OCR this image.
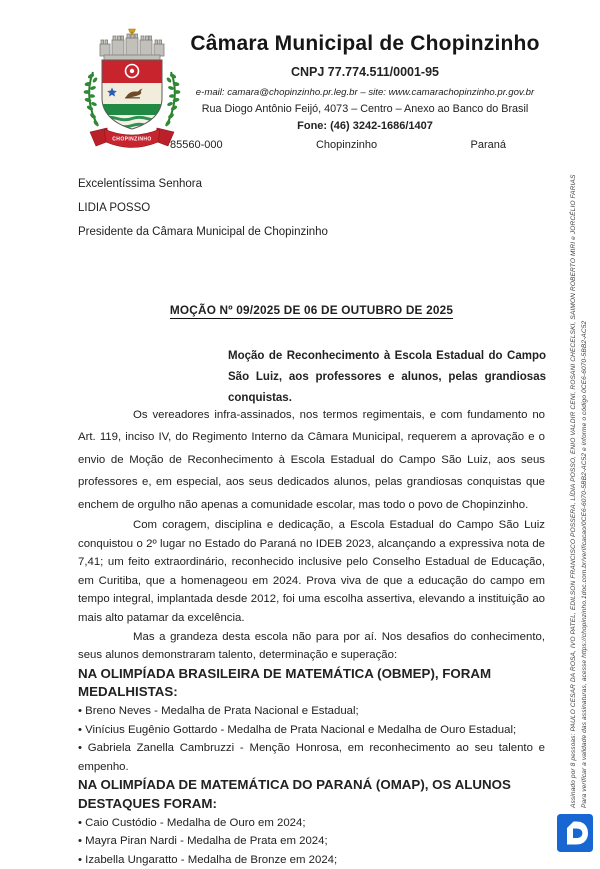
CHOPINZINHO
Câmara Municipal de Chopinzinho
CNPJ 77.774.511/0001-95
e-mail: camara@chopinzinho.pr.leg.br – site: www.camarachopinzinho.pr.gov.br
Rua Diogo Antônio Feijó, 4073 – Centro – Anexo ao Banco do Brasil
Fone: (46) 3242-1686/1407
85560-000	Chopinzinho	Paraná
Excelentíssima Senhora
LIDIA POSSO
Presidente da Câmara Municipal de Chopinzinho
MOÇÃO Nº 09/2025 DE 06 DE OUTUBRO DE 2025

Moção de Reconhecimento à Escola Estadual do Campo São Luiz, aos professores e alunos, pelas grandiosas conquistas.

Os vereadores infra-assinados, nos termos regimentais, e com fundamento no Art. 119, inciso IV, do Regimento Interno da Câmara Municipal, requerem a aprovação e o envio de Moção de Reconhecimento à Escola Estadual do Campo São Luiz, aos seus professores e, em especial, aos seus dedicados alunos, pelas grandiosas conquistas que enchem de orgulho não apenas a comunidade escolar, mas todo o povo de Chopinzinho.

Com coragem, disciplina e dedicação, a Escola Estadual do Campo São Luiz conquistou o 2º lugar no Estado do Paraná no IDEB 2023, alcançando a expressiva nota de 7,41; um feito extraordinário, reconhecido inclusive pelo Conselho Estadual de Educação, em Curitiba, que a homenageou em 2024. Prova viva de que a educação do campo em tempo integral, implantada desde 2012, foi uma escolha assertiva, elevando a instituição ao mais alto patamar da excelência.

Mas a grandeza desta escola não para por aí. Nos desafios do conhecimento, seus alunos demonstraram talento, determinação e superação:

NA OLIMPÍADA BRASILEIRA DE MATEMÁTICA (OBMEP), FORAM MEDALHISTAS:
• Breno Neves - Medalha de Prata Nacional e Estadual;
• Vinícius Eugênio Gottardo - Medalha de Prata Nacional e Medalha de Ouro Estadual;
• Gabriela Zanella Cambruzzi - Menção Honrosa, em reconhecimento ao seu talento e empenho.
NA OLIMPÍADA DE MATEMÁTICA DO PARANÁ (OMAP), OS ALUNOS DESTAQUES FORAM:
• Caio Custódio - Medalha de Ouro em 2024;
• Mayra Piran Nardi - Medalha de Prata em 2024;
• Izabella Ungaratto - Medalha de Bronze em 2024;
Assinado por 8 pessoas: PAULO CESAR DA ROSA, IVO PATEL, EDILSON FRANCISCO POSSERA, LÍDIA POSSO, ENIO VALDIR CENI, ROSANI CHECELSKI, SAIMON ROBERTO MIRI e JORCÉLIO FARIAS Para verificar a validade das assinaturas, acesse https://chopinzinho.1doc.com.br/verificacao/0CE6-6070-5BB2-AC52 e informe o código 0CE6-6070-5BB2-AC52
